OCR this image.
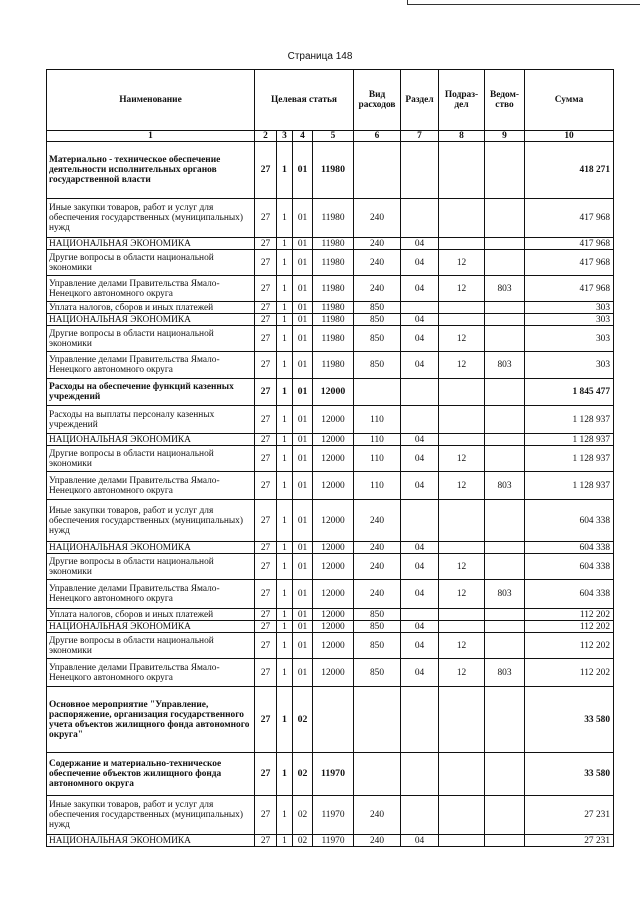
Страница 148
Наименование	Целевая статья				Вид расходов	Раздел	Подраз-дел	Ведом-ство	Сумма
1	2	3	4	5	6	7	8	9	10
Материально - техническое обеспечение деятельности исполнительных органов государственной власти	27	1	01	11980					418 271
Иные закупки товаров, работ и услуг для обеспечения государственных (муниципальных) нужд	27	1	01	11980	240				417 968
НАЦИОНАЛЬНАЯ ЭКОНОМИКА	27	1	01	11980	240	04			417 968
Другие вопросы в области национальной экономики	27	1	01	11980	240	04	12		417 968
Управление делами Правительства Ямало-Ненецкого автономного округа	27	1	01	11980	240	04	12	803	417 968
Уплата налогов, сборов и иных платежей	27	1	01	11980	850				303
НАЦИОНАЛЬНАЯ ЭКОНОМИКА	27	1	01	11980	850	04			303
Другие вопросы в области национальной экономики	27	1	01	11980	850	04	12		303
Управление делами Правительства Ямало-Ненецкого автономного округа	27	1	01	11980	850	04	12	803	303
Расходы на обеспечение функций казенных учреждений	27	1	01	12000					1 845 477
Расходы на выплаты персоналу казенных учреждений	27	1	01	12000	110				1 128 937
НАЦИОНАЛЬНАЯ ЭКОНОМИКА	27	1	01	12000	110	04			1 128 937
Другие вопросы в области национальной экономики	27	1	01	12000	110	04	12		1 128 937
Управление делами Правительства Ямало-Ненецкого автономного округа	27	1	01	12000	110	04	12	803	1 128 937
Иные закупки товаров, работ и услуг для обеспечения государственных (муниципальных) нужд	27	1	01	12000	240				604 338
НАЦИОНАЛЬНАЯ ЭКОНОМИКА	27	1	01	12000	240	04			604 338
Другие вопросы в области национальной экономики	27	1	01	12000	240	04	12		604 338
Управление делами Правительства Ямало-Ненецкого автономного округа	27	1	01	12000	240	04	12	803	604 338
Уплата налогов, сборов и иных платежей	27	1	01	12000	850				112 202
НАЦИОНАЛЬНАЯ ЭКОНОМИКА	27	1	01	12000	850	04			112 202
Другие вопросы в области национальной экономики	27	1	01	12000	850	04	12		112 202
Управление делами Правительства Ямало-Ненецкого автономного округа	27	1	01	12000	850	04	12	803	112 202
Основное мероприятие "Управление, распоряжение, организация государственного учета объектов жилищного фонда автономного округа"	27	1	02						33 580
Содержание и материально-техническое обеспечение объектов жилищного фонда автономного округа	27	1	02	11970					33 580
Иные закупки товаров, работ и услуг для обеспечения государственных (муниципальных) нужд	27	1	02	11970	240				27 231
НАЦИОНАЛЬНАЯ ЭКОНОМИКА	27	1	02	11970	240	04			27 231
